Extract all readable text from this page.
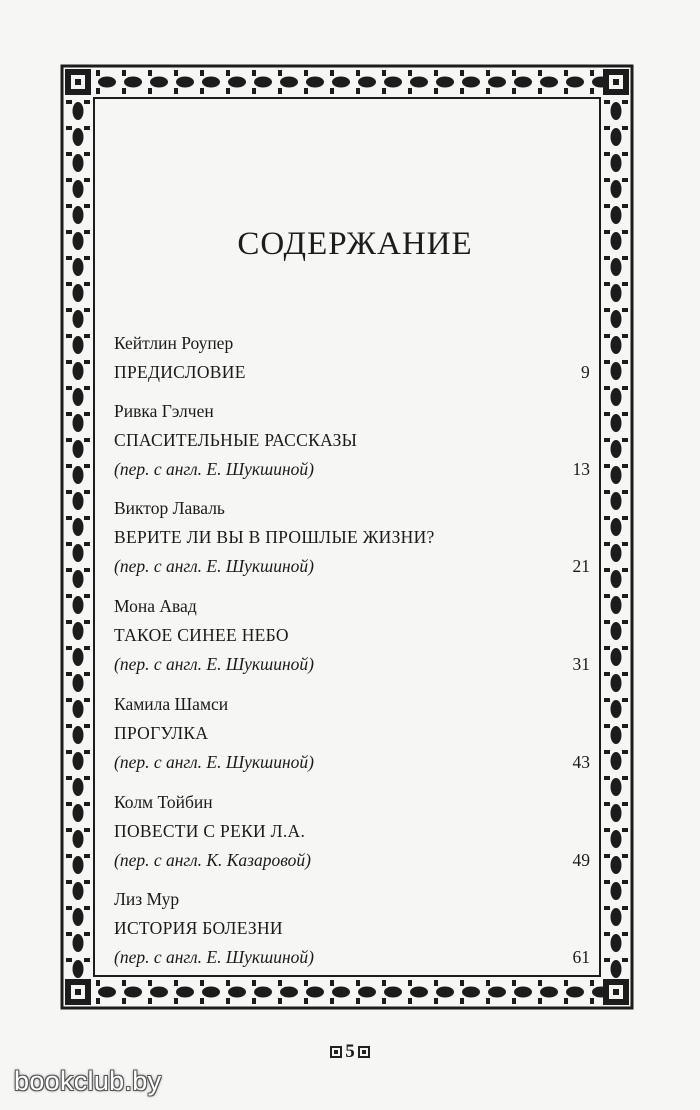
СОДЕРЖАНИЕ
Кейтлин Роупер
ПРЕДИСЛОВИЕ	9
Ривка Гэлчен
СПАСИТЕЛЬНЫЕ РАССКАЗЫ
(пер. с англ. Е. Шукшиной)	13
Виктор Лаваль
ВЕРИТЕ ЛИ ВЫ В ПРОШЛЫЕ ЖИЗНИ?
(пер. с англ. Е. Шукшиной)	21
Мона Авад
ТАКОЕ СИНЕЕ НЕБО
(пер. с англ. Е. Шукшиной)	31
Камила Шамси
ПРОГУЛКА
(пер. с англ. Е. Шукшиной)	43
Колм Тойбин
ПОВЕСТИ С РЕКИ Л.А.
(пер. с англ. К. Казаровой)	49
Лиз Мур
ИСТОРИЯ БОЛЕЗНИ
(пер. с англ. Е. Шукшиной)	61
5
bookclub.by
